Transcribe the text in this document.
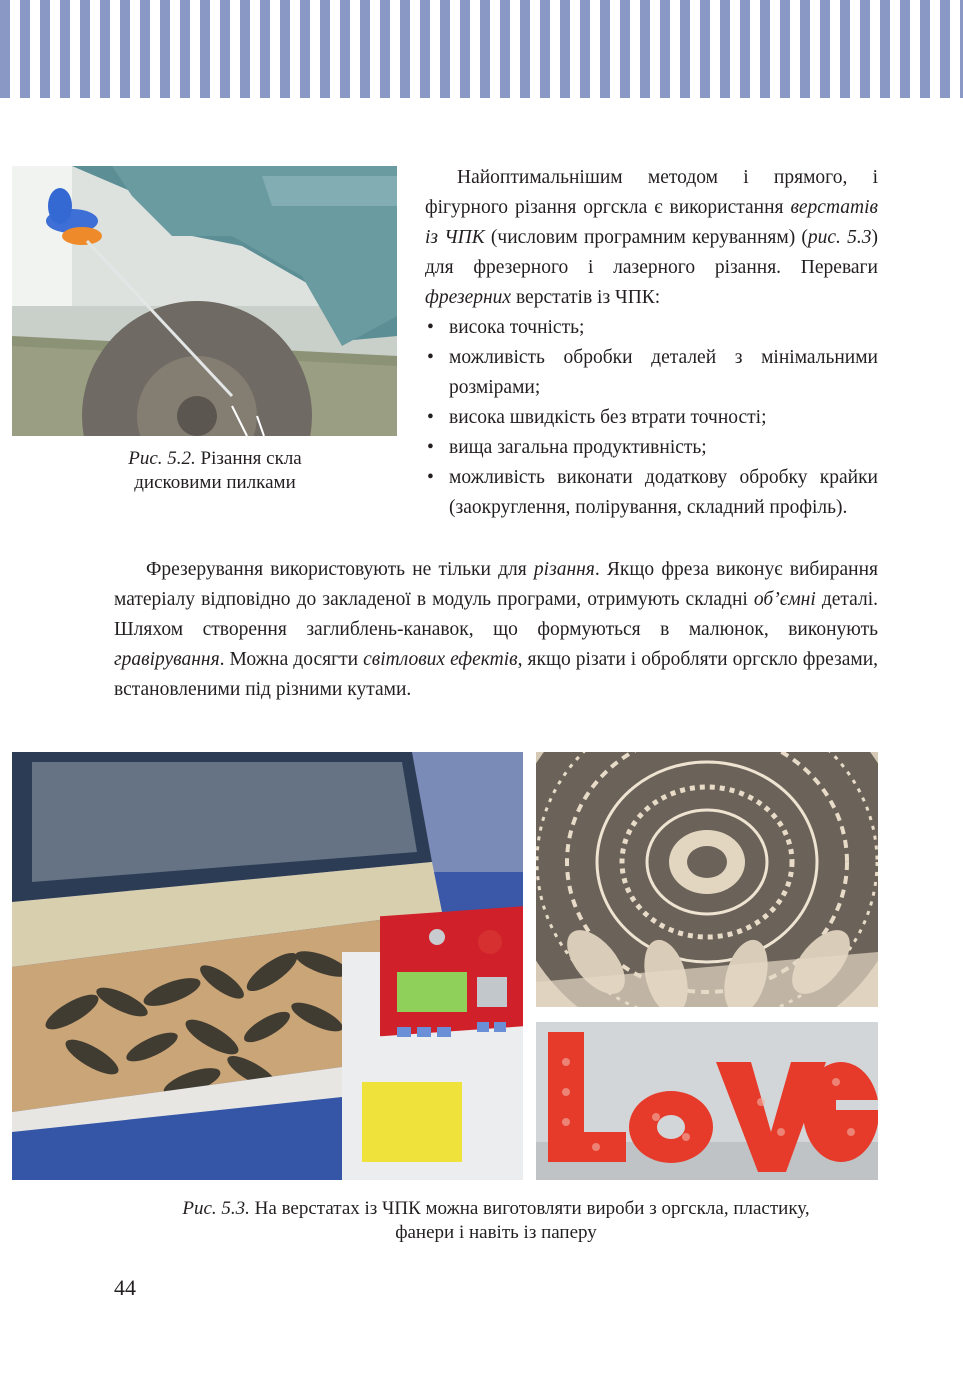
Рис. 5.2. Різання скла
дисковими пилками
Найоптимальнішим методом і прямого, і фігурного різання оргскла є використання верстатів із ЧПК (числовим програмним керуванням) (рис. 5.3) для фрезерного і лазерного різання. Переваги фрезерних верстатів із ЧПК:
• висока точність;
• можливість обробки деталей з мінімальними розмірами;
• висока швидкість без втрати точності;
• вища загальна продуктивність;
• можливість виконати додаткову обробку крайки (заокруглення, полірування, складний профіль).
Фрезерування використовують не тільки для різання. Якщо фреза виконує вибирання матеріалу відповідно до закладеної в модуль програми, отримують складні об’ємні деталі. Шляхом створення заглиблень-канавок, що формуються в малюнок, виконують гравірування. Можна досягти світлових ефектів, якщо різати і обробляти оргскло фрезами, встановленими під різними кутами.
Рис. 5.3. На верстатах із ЧПК можна виготовляти вироби з оргскла, пластику,
фанери і навіть із паперу
44
